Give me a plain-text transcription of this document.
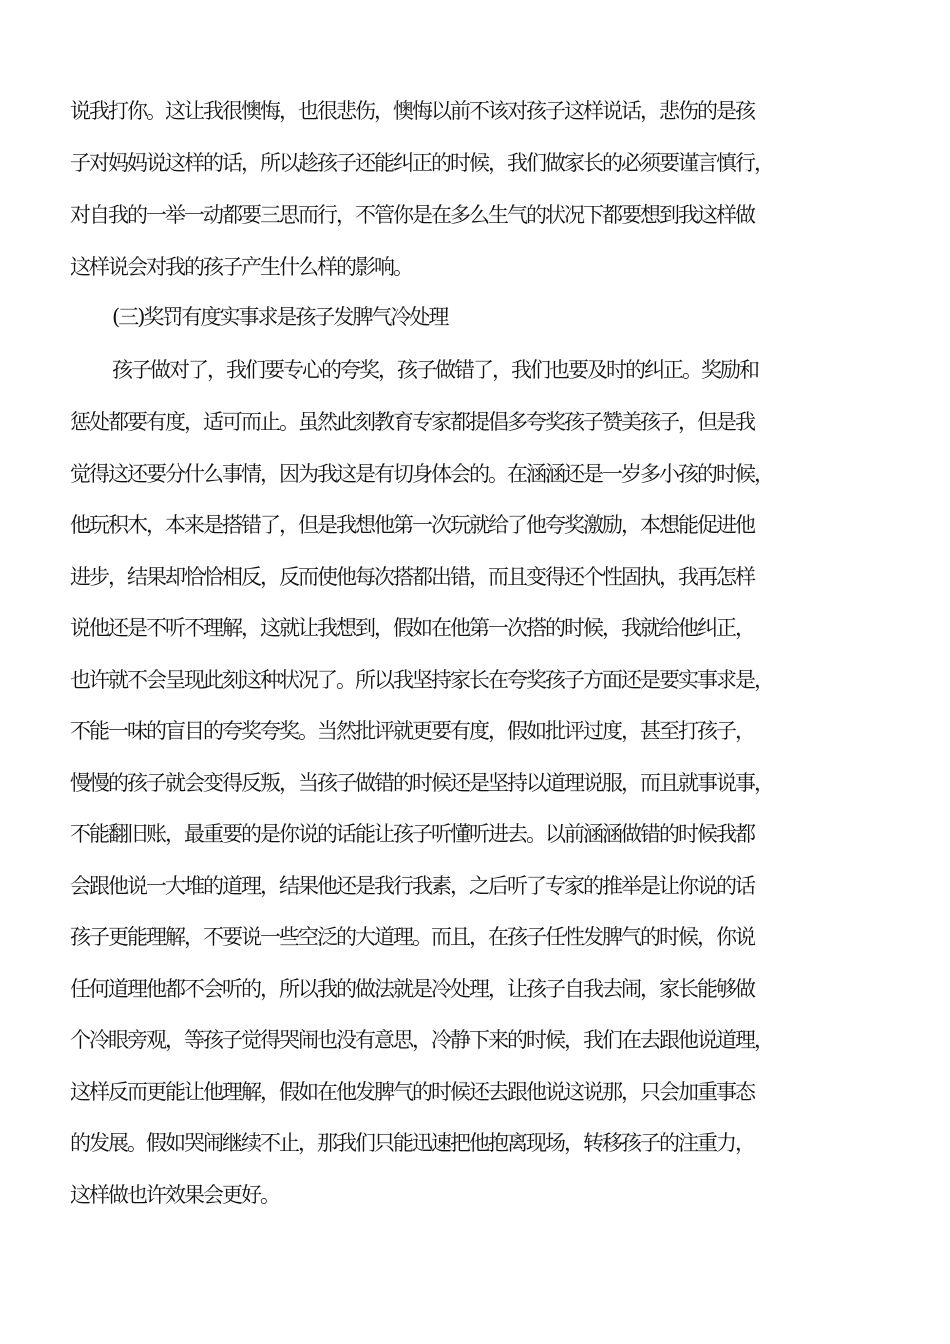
说我打你。这让我很懊悔，也很悲伤，懊悔以前不该对孩子这样说话，悲伤的是孩
子对妈妈说这样的话，所以趁孩子还能纠正的时候，我们做家长的必须要谨言慎行，
对自我的一举一动都要三思而行，不管你是在多么生气的状况下都要想到我这样做
这样说会对我的孩子产生什么样的影响。
(三)奖罚有度实事求是孩子发脾气冷处理
孩子做对了，我们要专心的夸奖，孩子做错了，我们也要及时的纠正。奖励和
惩处都要有度，适可而止。虽然此刻教育专家都提倡多夸奖孩子赞美孩子，但是我
觉得这还要分什么事情，因为我这是有切身体会的。在涵涵还是一岁多小孩的时候，
他玩积木，本来是搭错了，但是我想他第一次玩就给了他夸奖激励，本想能促进他
进步，结果却恰恰相反，反而使他每次搭都出错，而且变得还个性固执，我再怎样
说他还是不听不理解，这就让我想到，假如在他第一次搭的时候，我就给他纠正，
也许就不会呈现此刻这种状况了。所以我坚持家长在夸奖孩子方面还是要实事求是，
不能一味的盲目的夸奖夸奖。当然批评就更要有度，假如批评过度，甚至打孩子，
慢慢的孩子就会变得反叛，当孩子做错的时候还是坚持以道理说服，而且就事说事，
不能翻旧账，最重要的是你说的话能让孩子听懂听进去。以前涵涵做错的时候我都
会跟他说一大堆的道理，结果他还是我行我素，之后听了专家的推举是让你说的话
孩子更能理解，不要说一些空泛的大道理。而且，在孩子任性发脾气的时候，你说
任何道理他都不会听的，所以我的做法就是冷处理，让孩子自我去闹，家长能够做
个冷眼旁观，等孩子觉得哭闹也没有意思，冷静下来的时候，我们在去跟他说道理，
这样反而更能让他理解，假如在他发脾气的时候还去跟他说这说那，只会加重事态
的发展。假如哭闹继续不止，那我们只能迅速把他抱离现场，转移孩子的注重力，
这样做也许效果会更好。
